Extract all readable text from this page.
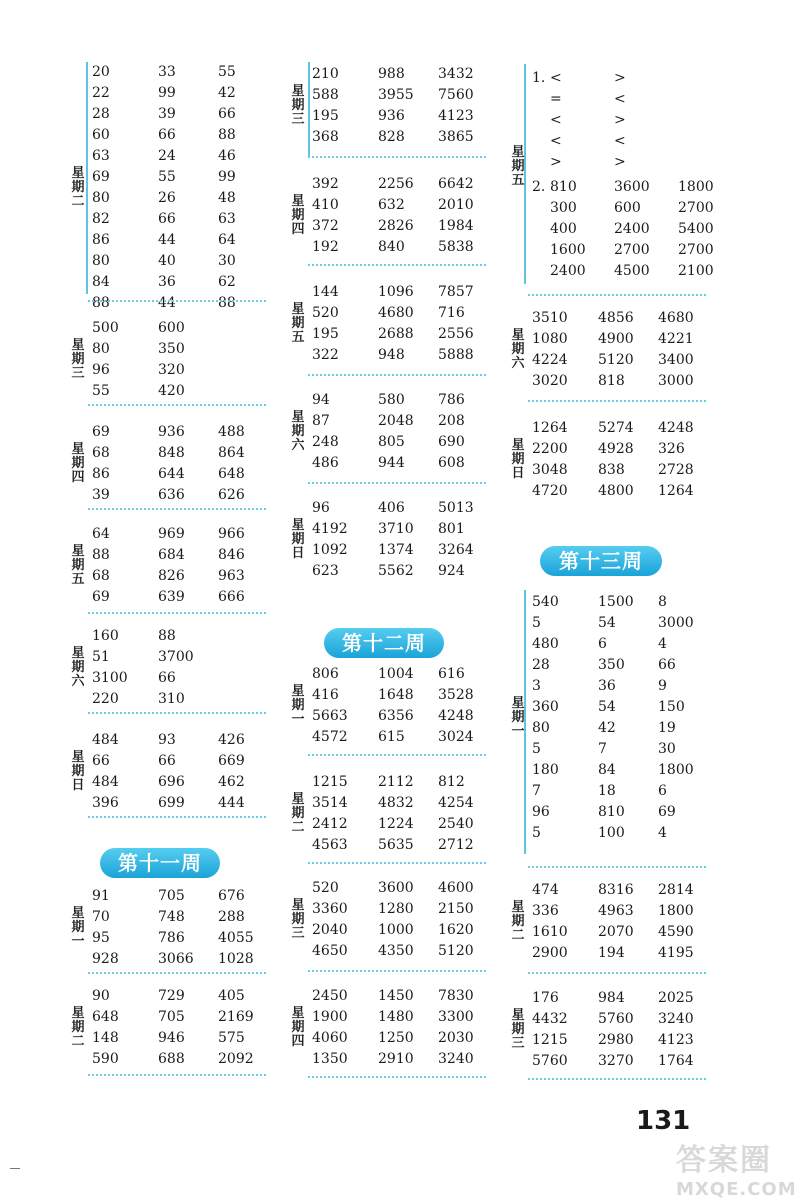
星期二
20	33	55
22	99	42
28	39	66
60	66	88
63	24	46
69	55	99
80	26	48
82	66	63
86	44	64
80	40	30
84	36	62
88	44	88
星期三
500	600
80	350
96	320
55	420
星期四
69	936 488
68	848 864
86	644 648
39	636 626
星期五
64	969 966
88	684 846
68	826 963
69	639 666
星期六
160	88
51	3700
3100 66
220	310
星期日
484	93	426
66	66	669
484	696 462
396	699 444
第十一周
星期一
91	705 676
70	748 288
95	786 4055
928	3066 1028
星期二
90	729 405
648	705 2169
148	946 575
590	688 2092
星期三
210	988 3432
588	3955 7560
195	936 4123
368	828 3865
星期四
392	2256 6642
410	632 2010
372	2826 1984
192	840 5838
星期五
144	1096 7857
520	4680 716
195	2688 2556
322	948 5888
星期六
94	580 786
87	2048 208
248	805 690
486	944 608
星期日
96	406 5013
4192 3710 801
1092 1374 3264
623	5562 924
第十二周
星期一
806	1004 616
416	1648 3528
5663 6356 4248
4572 615 3024
星期二
1215 2112 812
3514 4832 4254
2412 1224 2540
4563 5635 2712
星期三
520	3600 4600
3360 1280 2150
2040 1000 1620
4650 4350 5120
星期四
2450 1450 7830
1900 1480 3300
4060 1250 2030
1350 2910 3240
星期五
1. <	>
=	<
<	>
<	<
>	>
2. 810	3600 1800
300	600	2700
400	2400 5400
1600 2700 2700
2400 4500 2100
星期六
3510 4856 4680
1080 4900 4221
4224 5120 3400
3020 818 3000
星期日
1264 5274 4248
2200 4928 326
3048 838 2728
4720 4800 1264
第十三周
星期一
540	1500 8
5	54	3000
480	6	4
28	350 66
3	36	9
360	54	150
80	42	19
5	7	30
180	84	1800
7	18	6
96	810 69
5	100 4
星期二
474	8316 2814
336	4963 1800
1610 2070 4590
2900 194 4195
星期三
176	984 2025
4432 5760 3240
1215 2980 4123
5760 3270 1764
131
答案圈
MXQE.COM
